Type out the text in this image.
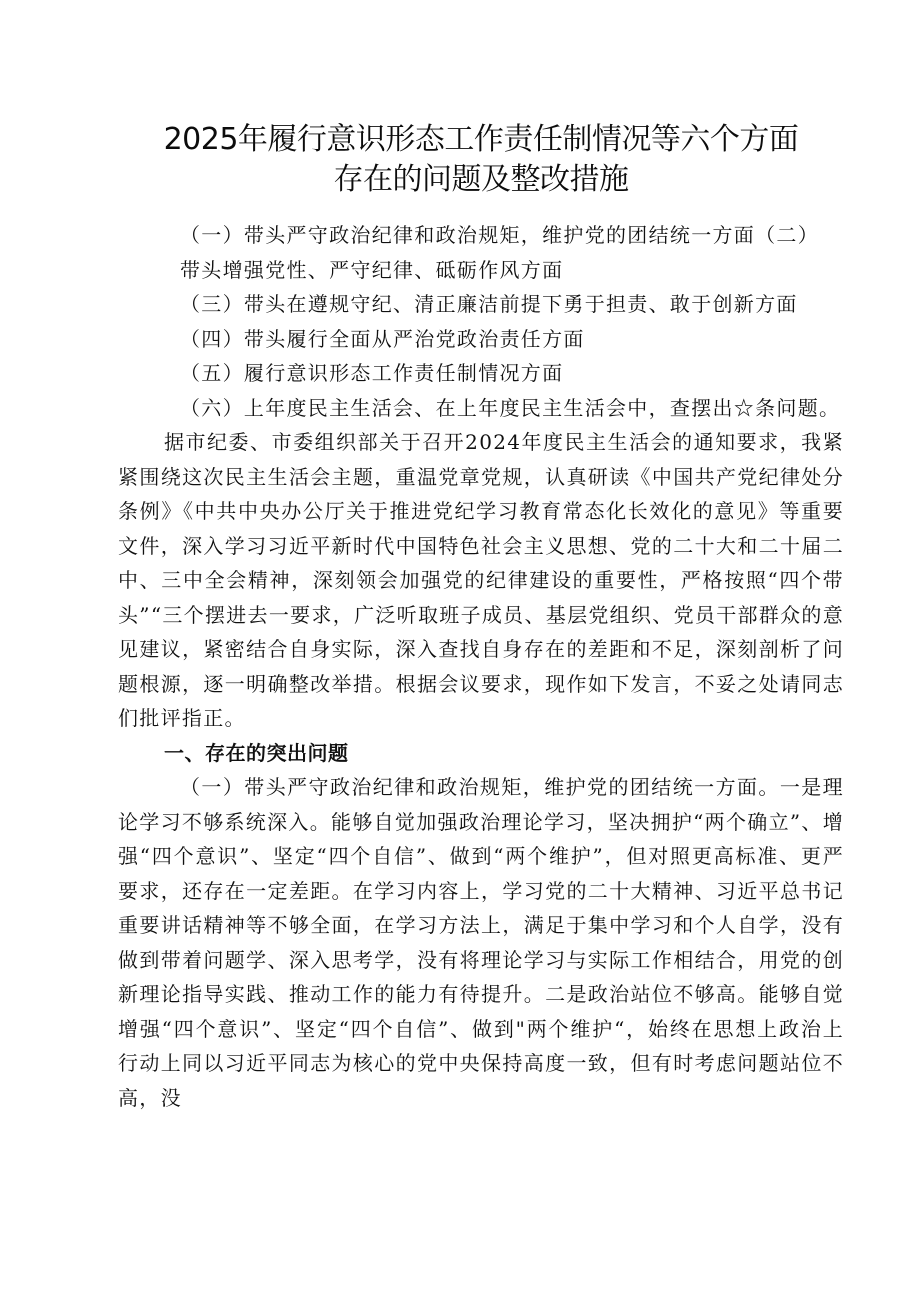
2025年履行意识形态工作责任制情况等六个方面
存在的问题及整改措施

（一）带头严守政治纪律和政治规矩，维护党的团结统一方面（二）

带头增强党性、严守纪律、砥砺作风方面

（三）带头在遵规守纪、清正廉洁前提下勇于担责、敢于创新方面

（四）带头履行全面从严治党政治责任方面

（五）履行意识形态工作责任制情况方面

（六）上年度民主生活会、在上年度民主生活会中，查摆出☆条问题。

据市纪委、市委组织部关于召开2024年度民主生活会的通知要求，我紧紧围绕这次民主生活会主题，重温党章党规，认真研读《中国共产党纪律处分条例》《中共中央办公厅关于推进党纪学习教育常态化长效化的意见》等重要文件，深入学习习近平新时代中国特色社会主义思想、党的二十大和二十届二中、三中全会精神，深刻领会加强党的纪律建设的重要性，严格按照“四个带头”“三个摆进去一要求，广泛听取班子成员、基层党组织、党员干部群众的意见建议，紧密结合自身实际，深入查找自身存在的差距和不足，深刻剖析了问题根源，逐一明确整改举措。根据会议要求，现作如下发言，不妥之处请同志们批评指正。

一、存在的突出问题

（一）带头严守政治纪律和政治规矩，维护党的团结统一方面。一是理论学习不够系统深入。能够自觉加强政治理论学习，坚决拥护“两个确立”、增强“四个意识”、坚定“四个自信”、做到“两个维护”，但对照更高标准、更严要求，还存在一定差距。在学习内容上，学习党的二十大精神、习近平总书记重要讲话精神等不够全面，在学习方法上，满足于集中学习和个人自学，没有做到带着问题学、深入思考学，没有将理论学习与实际工作相结合，用党的创新理论指导实践、推动工作的能力有待提升。二是政治站位不够高。能够自觉增强“四个意识”、坚定“四个自信”、做到"两个维护“，始终在思想上政治上行动上同以习近平同志为核心的党中央保持高度一致，但有时考虑问题站位不高，没
